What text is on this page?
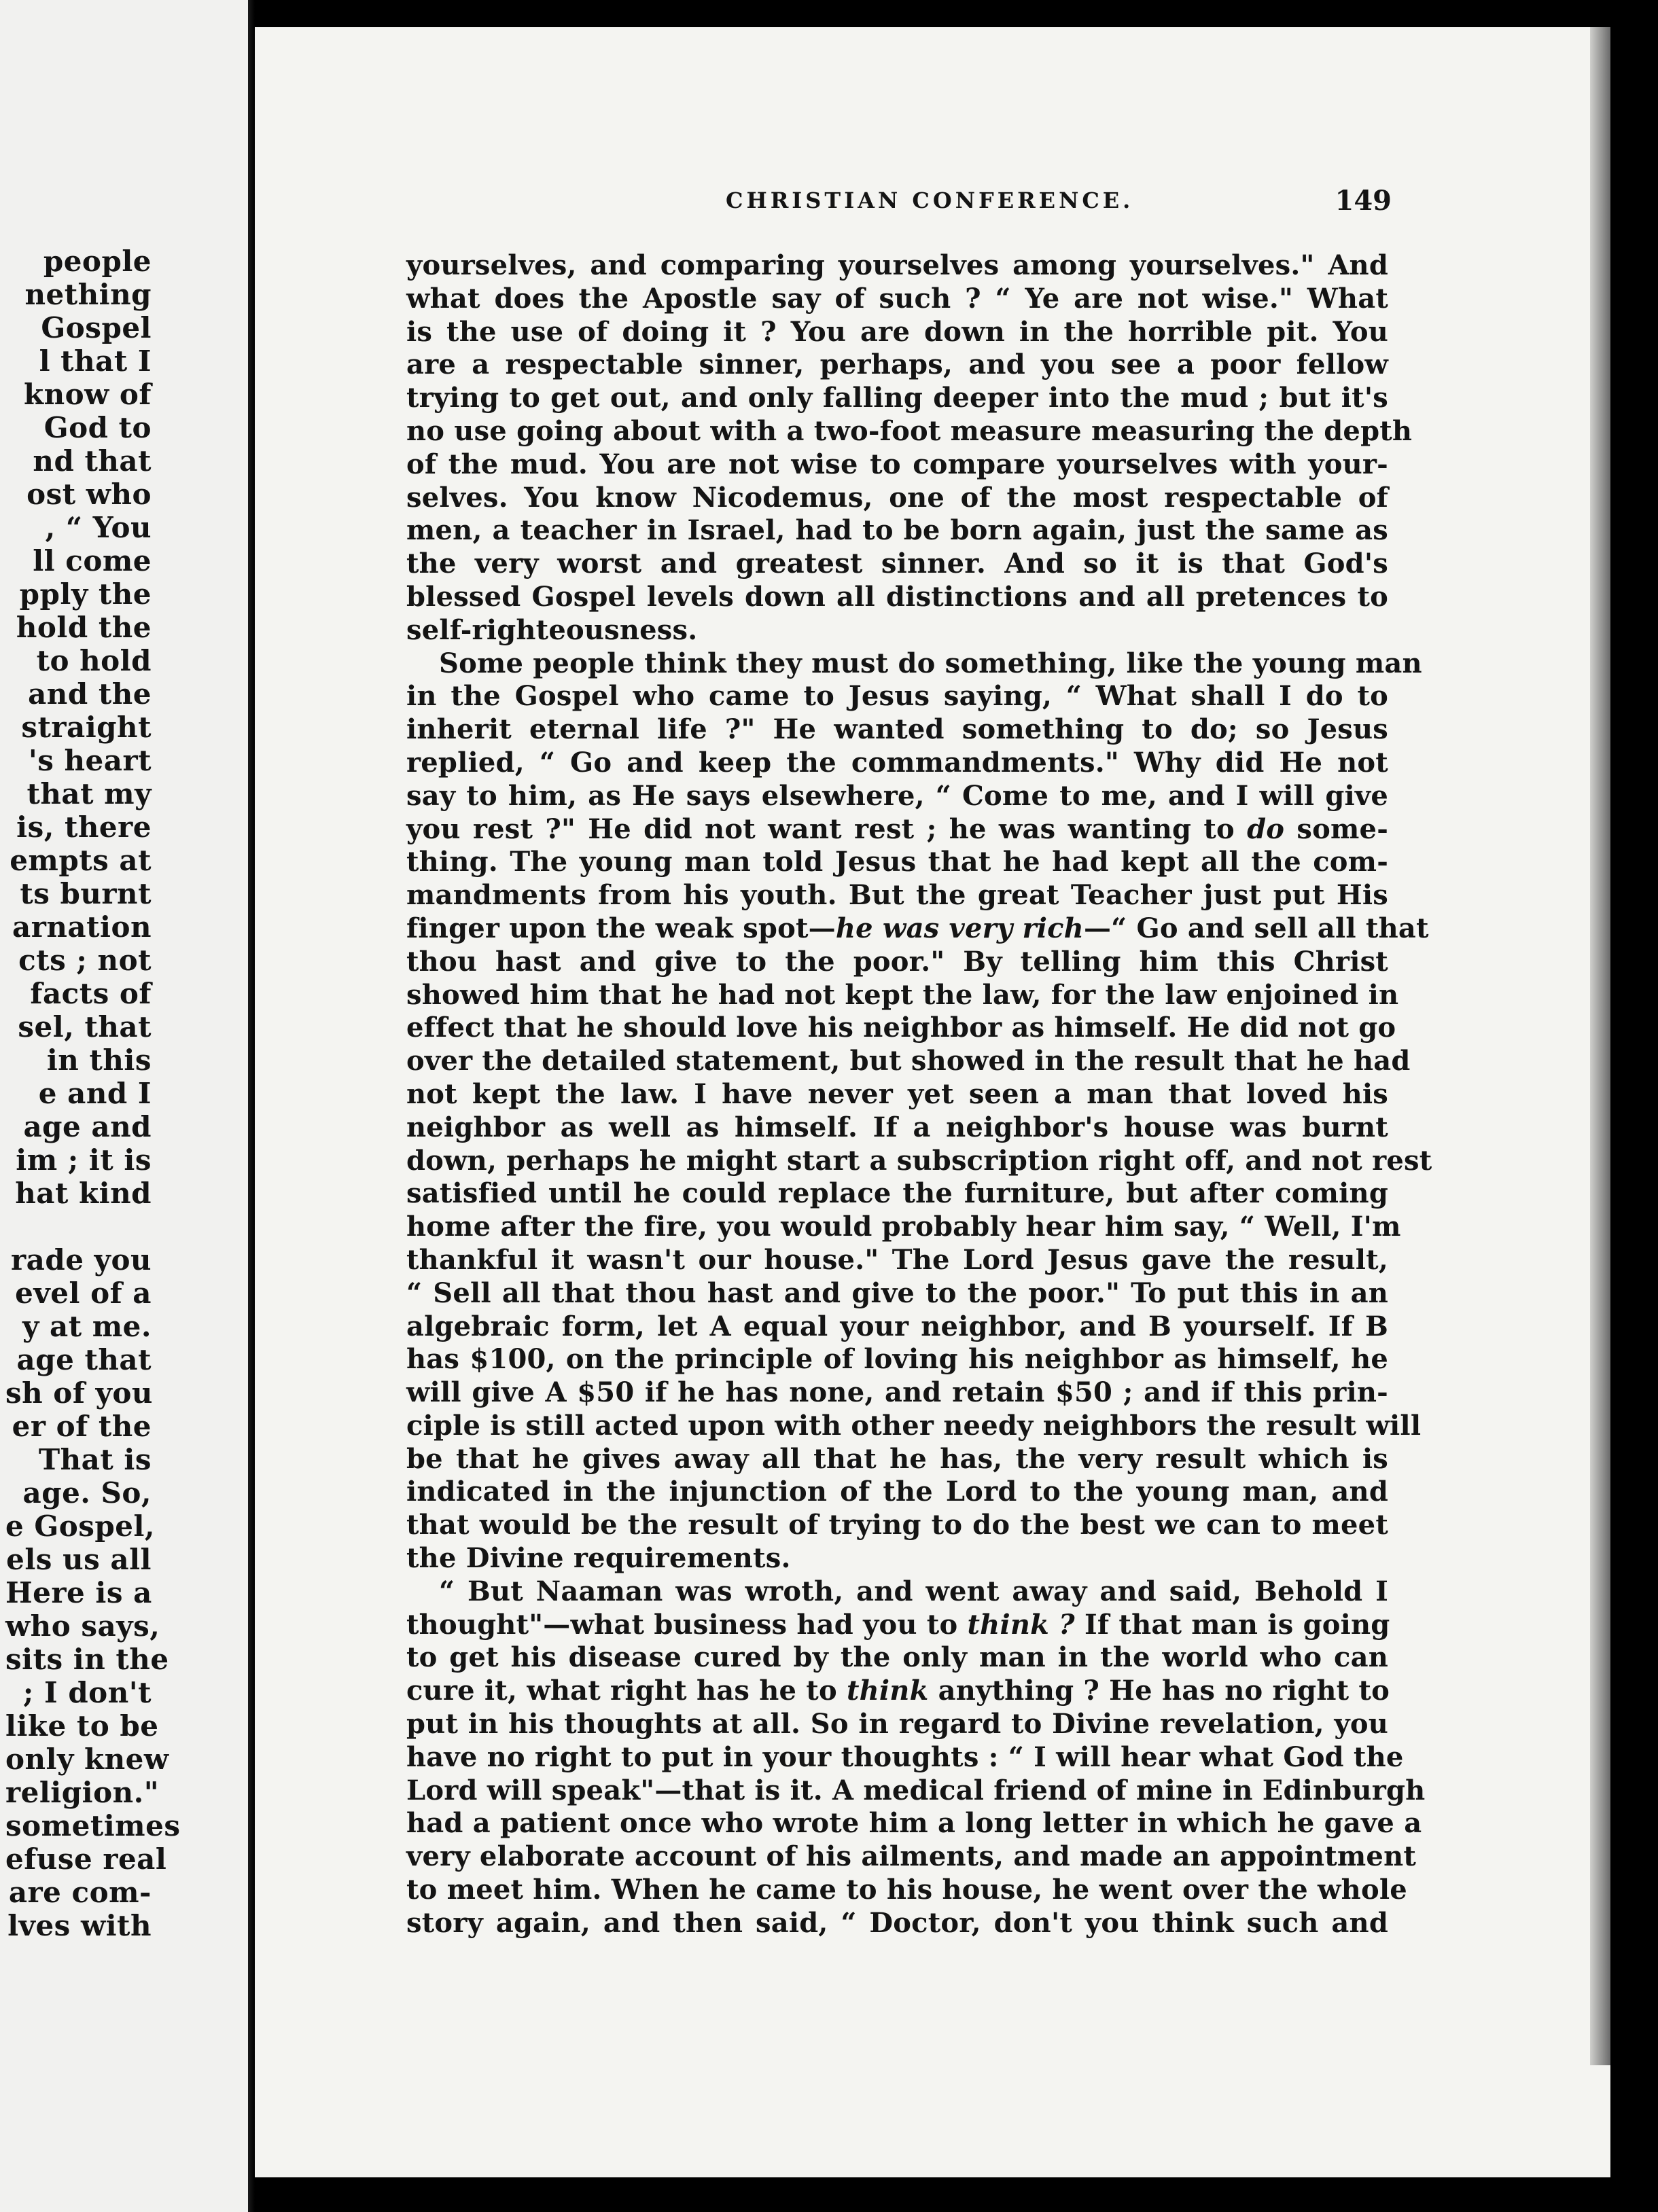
people
nething
Gospel
l that I
know of
God to
nd that
ost who
, “ You
ll come
pply the
hold the
to hold
and the
straight
's heart
that my
is, there
empts at
ts burnt
arnation
cts ; not
facts of
sel, that
in this
e and I
age and
im ; it is
hat kind
rade you
evel of a
y at me.
age that
sh of you
er of the
That is
age. So,
e Gospel,
els us all
Here is a
who says,
sits in the
; I don't
like to be
only knew
religion."
sometimes
efuse real
are com-
lves with
CHRISTIAN CONFERENCE.	149
yourselves, and comparing yourselves among yourselves." And
what does the Apostle say of such ? “ Ye are not wise." What
is the use of doing it ? You are down in the horrible pit. You
are a respectable sinner, perhaps, and you see a poor fellow
trying to get out, and only falling deeper into the mud ; but it's
no use going about with a two-foot measure measuring the depth
of the mud. You are not wise to compare yourselves with your-
selves. You know Nicodemus, one of the most respectable of
men, a teacher in Israel, had to be born again, just the same as
the very worst and greatest sinner. And so it is that God's
blessed Gospel levels down all distinctions and all pretences to
self-righteousness.
Some people think they must do something, like the young man
in the Gospel who came to Jesus saying, “ What shall I do to
inherit eternal life ?" He wanted something to do; so Jesus
replied, “ Go and keep the commandments." Why did He not
say to him, as He says elsewhere, “ Come to me, and I will give
you rest ?" He did not want rest ; he was wanting to do some-
thing. The young man told Jesus that he had kept all the com-
mandments from his youth. But the great Teacher just put His
finger upon the weak spot—he was very rich—“ Go and sell all that
thou hast and give to the poor." By telling him this Christ
showed him that he had not kept the law, for the law enjoined in
effect that he should love his neighbor as himself. He did not go
over the detailed statement, but showed in the result that he had
not kept the law. I have never yet seen a man that loved his
neighbor as well as himself. If a neighbor's house was burnt
down, perhaps he might start a subscription right off, and not rest
satisfied until he could replace the furniture, but after coming
home after the fire, you would probably hear him say, “ Well, I'm
thankful it wasn't our house." The Lord Jesus gave the result,
“ Sell all that thou hast and give to the poor." To put this in an
algebraic form, let A equal your neighbor, and B yourself. If B
has $100, on the principle of loving his neighbor as himself, he
will give A $50 if he has none, and retain $50 ; and if this prin-
ciple is still acted upon with other needy neighbors the result will
be that he gives away all that he has, the very result which is
indicated in the injunction of the Lord to the young man, and
that would be the result of trying to do the best we can to meet
the Divine requirements.
“ But Naaman was wroth, and went away and said, Behold I
thought"—what business had you to think ? If that man is going
to get his disease cured by the only man in the world who can
cure it, what right has he to think anything ? He has no right to
put in his thoughts at all. So in regard to Divine revelation, you
have no right to put in your thoughts : “ I will hear what God the
Lord will speak"—that is it. A medical friend of mine in Edinburgh
had a patient once who wrote him a long letter in which he gave a
very elaborate account of his ailments, and made an appointment
to meet him. When he came to his house, he went over the whole
story again, and then said, “ Doctor, don't you think such and
